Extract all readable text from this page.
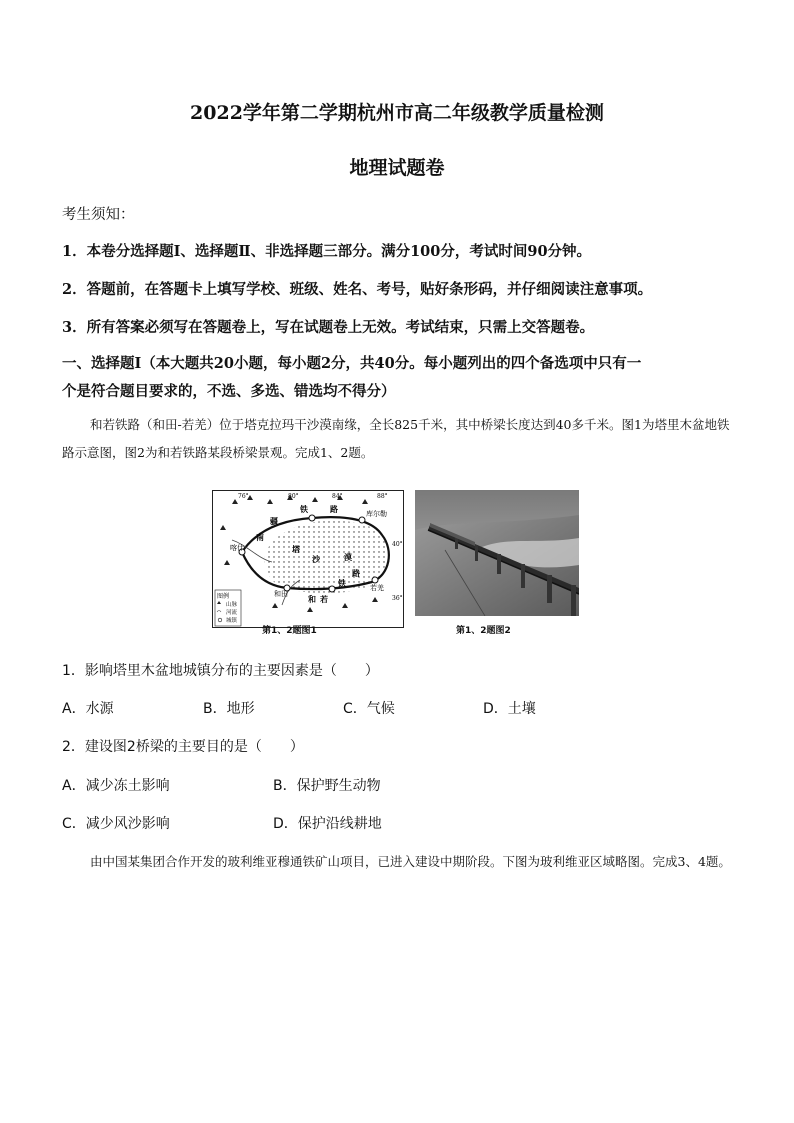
2022学年第二学期杭州市高二年级教学质量检测
地理试题卷
考生须知：
1．本卷分选择题Ⅰ、选择题Ⅱ、非选择题三部分。满分100分，考试时间90分钟。
2．答题前，在答题卡上填写学校、班级、姓名、考号，贴好条形码，并仔细阅读注意事项。
3．所有答案必须写在答题卷上，写在试题卷上无效。考试结束，只需上交答题卷。
一、选择题Ⅰ（本大题共20小题，每小题2分，共40分。每小题列出的四个备选项中只有一
个是符合题目要求的，不选、多选、错选均不得分）
和若铁路（和田-若羌）位于塔克拉玛干沙漠南缘，全长825千米，其中桥梁长度达到40多千米。图1为塔里木盆地铁路示意图，图2为和若铁路某段桥梁景观。完成1、2题。
76°	80°	84°	88°
40°
36°
喀什
库尔勒
和田
若羌
疆
南
铁	路
塔
沙	漠
和 若
铁
路
图例
山脉
河流
城镇
第1、2题图1	第1、2题图2
1．影响塔里木盆地城镇分布的主要因素是（　　）
A．水源	B．地形	C．气候	D．土壤
2．建设图2桥梁的主要目的是（　　）
A．减少冻土影响	B．保护野生动物
C．减少风沙影响	D．保护沿线耕地
由中国某集团合作开发的玻利维亚穆通铁矿山项目，已进入建设中期阶段。下图为玻利维亚区域略图。完成3、4题。
